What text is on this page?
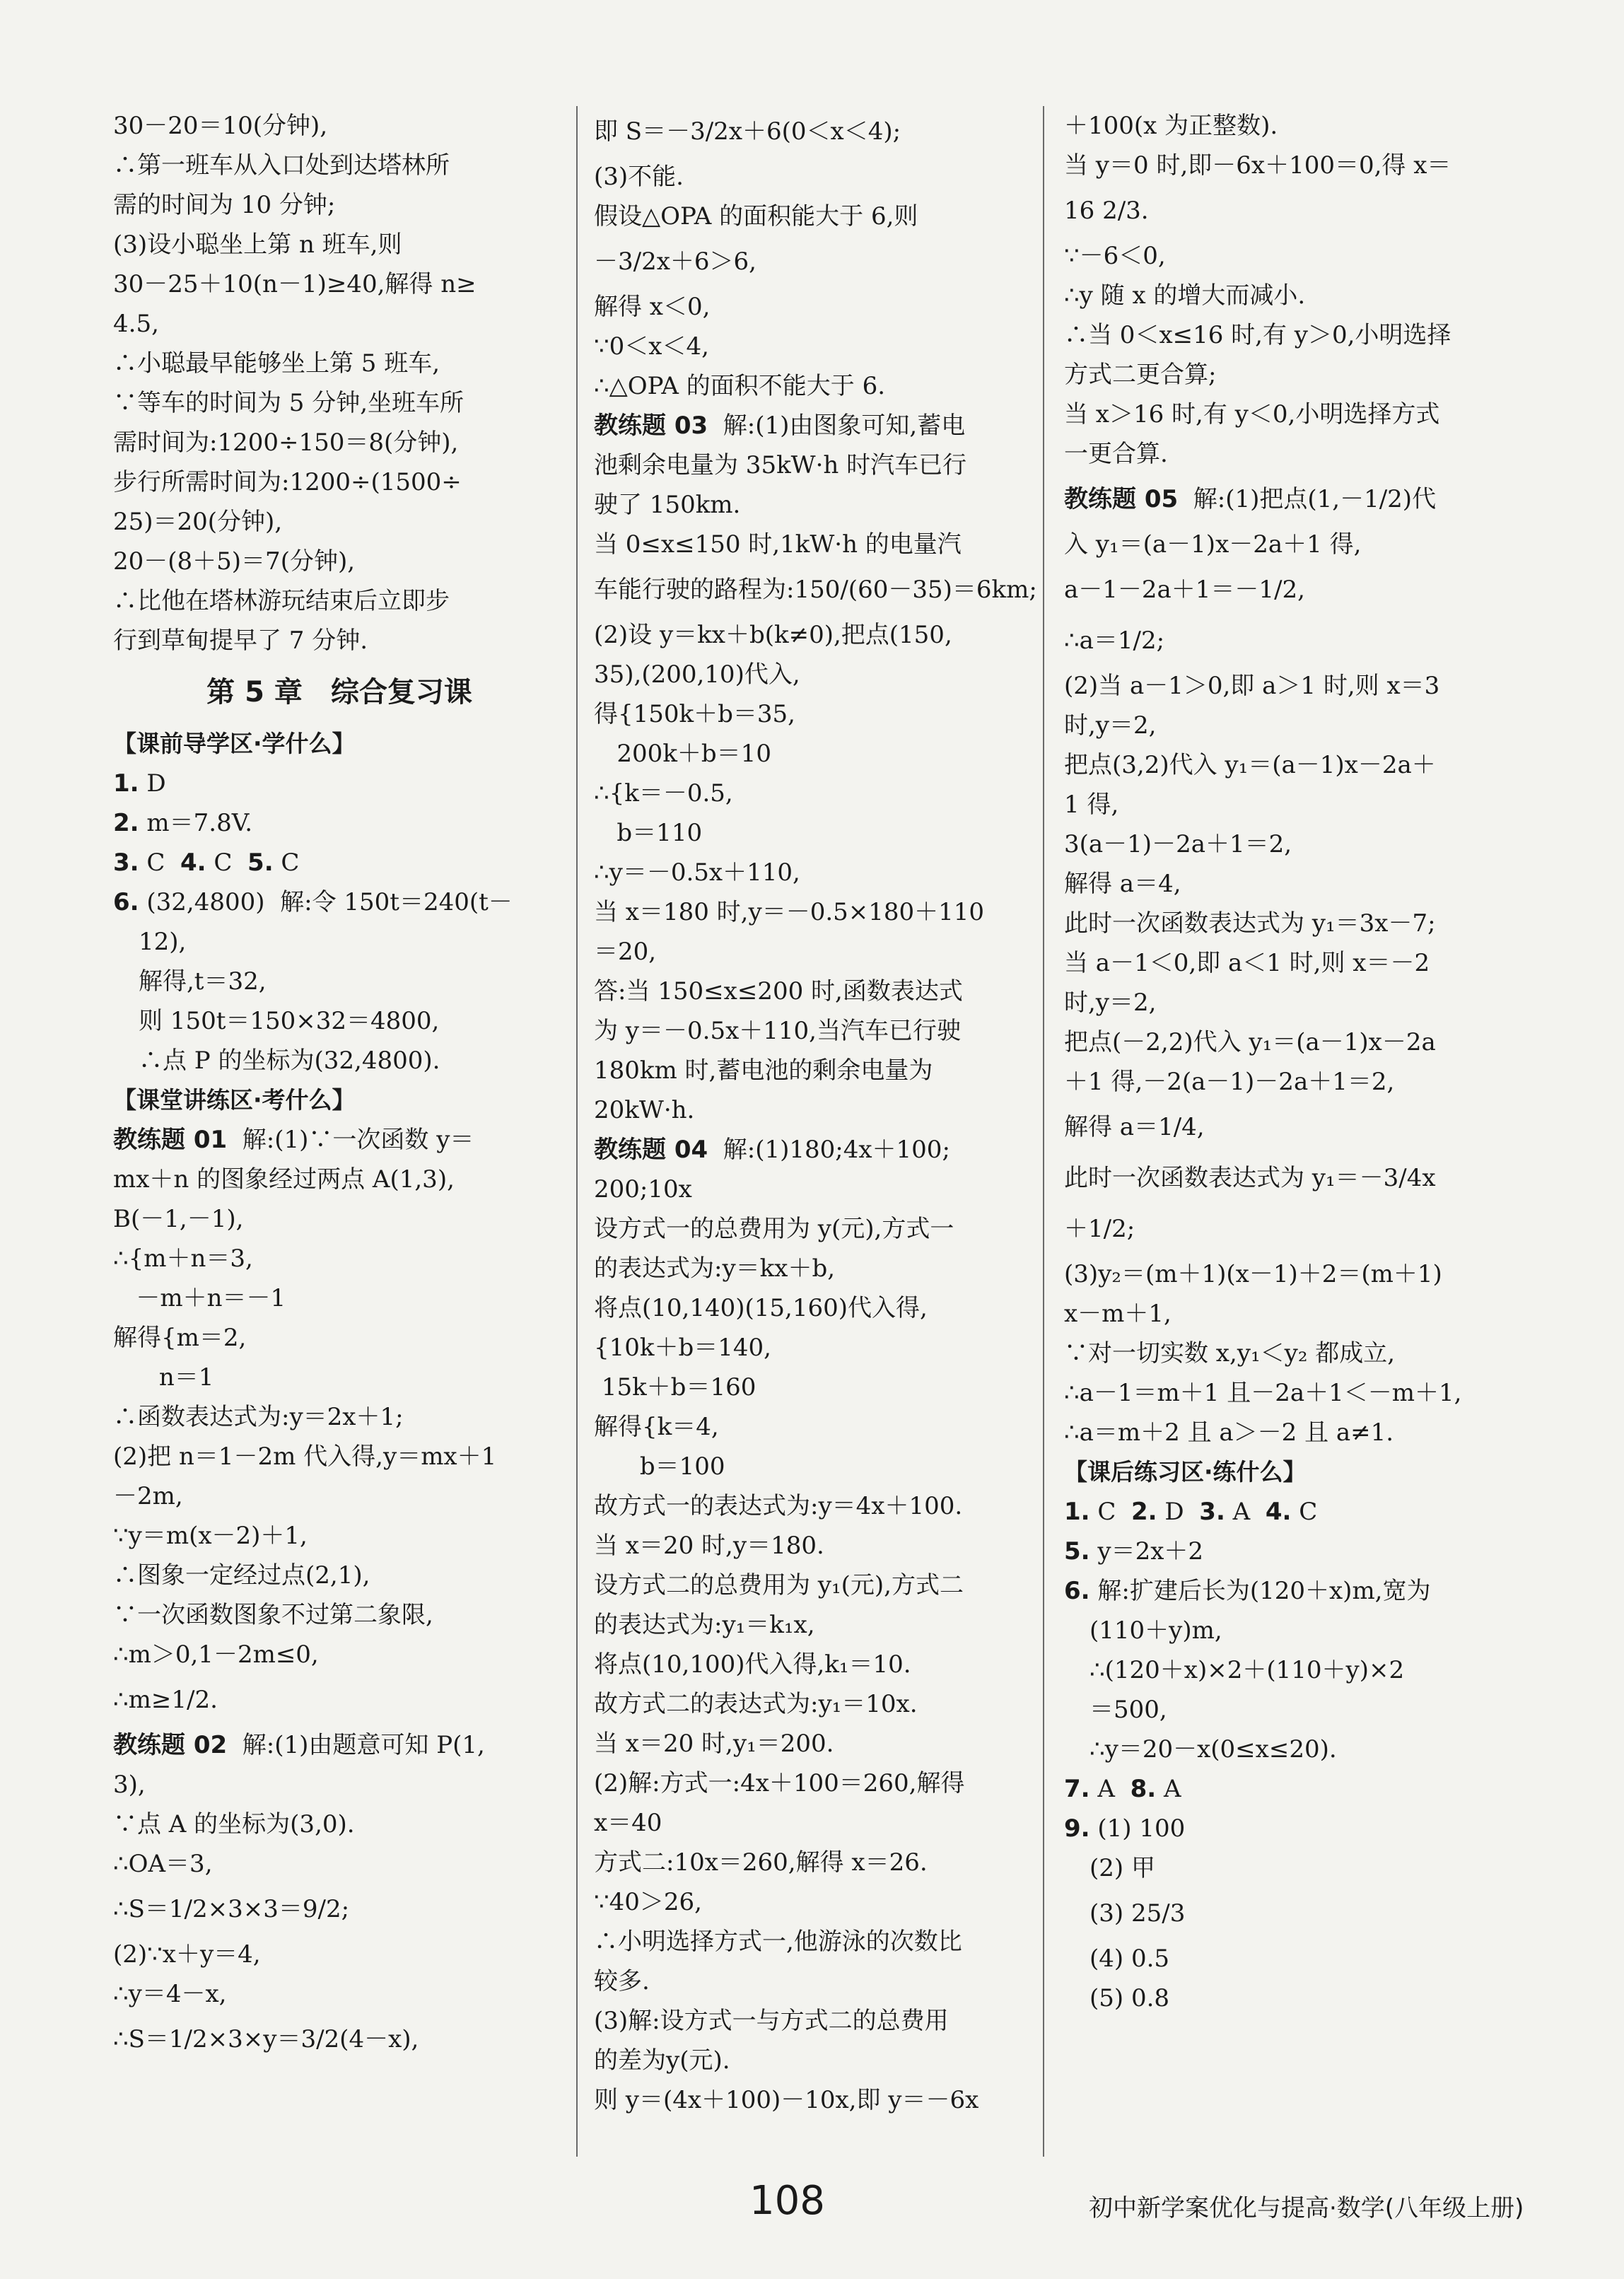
30－20＝10(分钟),
∴第一班车从入口处到达塔林所
需的时间为 10 分钟;
(3)设小聪坐上第 n 班车,则
30－25＋10(n－1)≥40,解得 n≥
4.5,
∴小聪最早能够坐上第 5 班车,
∵等车的时间为 5 分钟,坐班车所
需时间为:1200÷150＝8(分钟),
步行所需时间为:1200÷(1500÷
25)＝20(分钟),
20－(8＋5)＝7(分钟),
∴比他在塔林游玩结束后立即步
行到草甸提早了 7 分钟.
第 5 章　综合复习课
【课前导学区·学什么】
1. D
2. m＝7.8V.
3. C  4. C  5. C
6. (32,4800)  解:令 150t＝240(t－
12),
解得,t＝32,
则 150t＝150×32＝4800,
∴点 P 的坐标为(32,4800).
【课堂讲练区·考什么】
教练题 01  解:(1)∵一次函数 y＝
mx＋n 的图象经过两点 A(1,3),
B(－1,－1),
∴{m＋n＝3,
－m＋n＝－1
解得{m＝2,
n＝1
∴函数表达式为:y＝2x＋1;
(2)把 n＝1－2m 代入得,y＝mx＋1
－2m,
∵y＝m(x－2)＋1,
∴图象一定经过点(2,1),
∵一次函数图象不过第二象限,
∴m＞0,1－2m≤0,
∴m≥1/2.
教练题 02  解:(1)由题意可知 P(1,
3),
∵点 A 的坐标为(3,0).
∴OA＝3,
∴S＝1/2×3×3＝9/2;
(2)∵x＋y＝4,
∴y＝4－x,
∴S＝1/2×3×y＝3/2(4－x),
即 S＝－3/2x＋6(0＜x＜4);
(3)不能.
假设△OPA 的面积能大于 6,则
－3/2x＋6＞6,
解得 x＜0,
∵0＜x＜4,
∴△OPA 的面积不能大于 6.
教练题 03  解:(1)由图象可知,蓄电
池剩余电量为 35kW·h 时汽车已行
驶了 150km.
当 0≤x≤150 时,1kW·h 的电量汽
车能行驶的路程为:150/(60－35)＝6km;
(2)设 y＝kx＋b(k≠0),把点(150,
35),(200,10)代入,
得{150k＋b＝35,
200k＋b＝10
∴{k＝－0.5,
b＝110
∴y＝－0.5x＋110,
当 x＝180 时,y＝－0.5×180＋110
＝20,
答:当 150≤x≤200 时,函数表达式
为 y＝－0.5x＋110,当汽车已行驶
180km 时,蓄电池的剩余电量为
20kW·h.
教练题 04  解:(1)180;4x＋100;
200;10x
设方式一的总费用为 y(元),方式一
的表达式为:y＝kx＋b,
将点(10,140)(15,160)代入得,
{10k＋b＝140,
15k＋b＝160
解得{k＝4,
b＝100
故方式一的表达式为:y＝4x＋100.
当 x＝20 时,y＝180.
设方式二的总费用为 y₁(元),方式二
的表达式为:y₁＝k₁x,
将点(10,100)代入得,k₁＝10.
故方式二的表达式为:y₁＝10x.
当 x＝20 时,y₁＝200.
(2)解:方式一:4x＋100＝260,解得
x＝40
方式二:10x＝260,解得 x＝26.
∵40＞26,
∴小明选择方式一,他游泳的次数比
较多.
(3)解:设方式一与方式二的总费用
的差为y(元).
则 y＝(4x＋100)－10x,即 y＝－6x
＋100(x 为正整数).
当 y＝0 时,即－6x＋100＝0,得 x＝
16 2/3.
∵－6＜0,
∴y 随 x 的增大而减小.
∴当 0＜x≤16 时,有 y＞0,小明选择
方式二更合算;
当 x＞16 时,有 y＜0,小明选择方式
一更合算.
教练题 05  解:(1)把点(1,－1/2)代
入 y₁＝(a－1)x－2a＋1 得,
a－1－2a＋1＝－1/2,
∴a＝1/2;
(2)当 a－1＞0,即 a＞1 时,则 x＝3
时,y＝2,
把点(3,2)代入 y₁＝(a－1)x－2a＋
1 得,
3(a－1)－2a＋1＝2,
解得 a＝4,
此时一次函数表达式为 y₁＝3x－7;
当 a－1＜0,即 a＜1 时,则 x＝－2
时,y＝2,
把点(－2,2)代入 y₁＝(a－1)x－2a
＋1 得,－2(a－1)－2a＋1＝2,
解得 a＝1/4,
此时一次函数表达式为 y₁＝－3/4x
＋1/2;
(3)y₂＝(m＋1)(x－1)＋2＝(m＋1)
x－m＋1,
∵对一切实数 x,y₁＜y₂ 都成立,
∴a－1＝m＋1 且－2a＋1＜－m＋1,
∴a＝m＋2 且 a＞－2 且 a≠1.
【课后练习区·练什么】
1. C  2. D  3. A  4. C
5. y＝2x＋2
6. 解:扩建后长为(120＋x)m,宽为
(110＋y)m,
∴(120＋x)×2＋(110＋y)×2
＝500,
∴y＝20－x(0≤x≤20).
7. A  8. A
9. (1) 100
(2) 甲
(3) 25/3
(4) 0.5
(5) 0.8
108	初中新学案优化与提高·数学(八年级上册)
